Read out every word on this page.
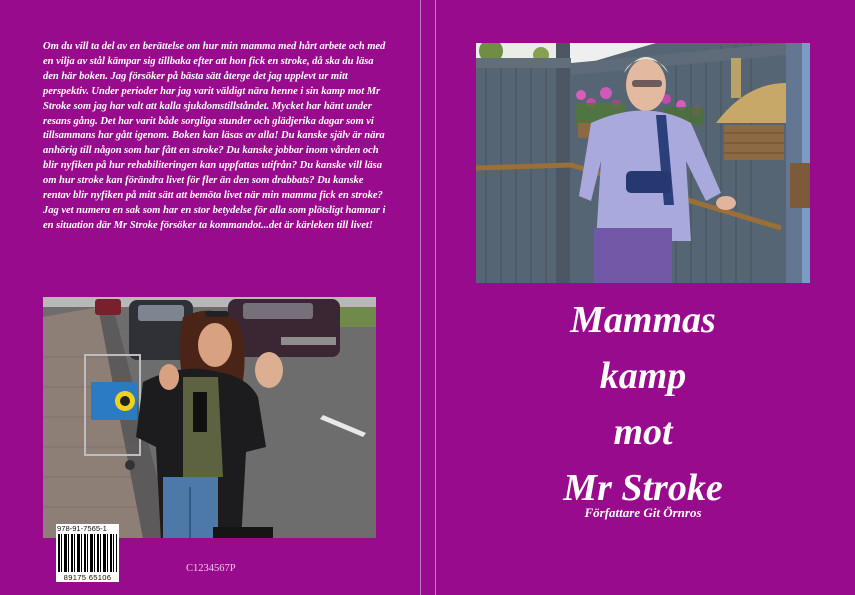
Om du vill ta del av en berättelse om hur min mamma med hårt arbete och med en vilja av stål kämpar sig tillbaka efter att hon fick en stroke, då ska du läsa den här boken. Jag försöker på bästa sätt återge det jag upplevt ur mitt perspektiv. Under perioder har jag varit väldigt nära henne i sin kamp mot Mr Stroke som jag har valt att kalla sjukdomstillståndet. Mycket har hänt under resans gång. Det har varit både sorgliga stunder och glädjerika dagar som vi tillsammans har gått igenom. Boken kan läsas av alla! Du kanske själv är nära anhörig till någon som har fått en stroke? Du kanske jobbar inom vården och blir nyfiken på hur rehabiliteringen kan uppfattas utifrån? Du kanske vill läsa om hur stroke kan förändra livet för fler än den som drabbats? Du kanske rentav blir nyfiken på mitt sätt att bemöta livet när min mamma fick en stroke? Jag vet numera en sak som har en stor betydelse för alla som plötsligt hamnar i en situation där Mr Stroke försöker ta kommandot...det är kärleken till livet!
978-91-7565-1
89175 65106
C1234567P
Mammas
kamp
mot
Mr Stroke
Författare Git Örnros
